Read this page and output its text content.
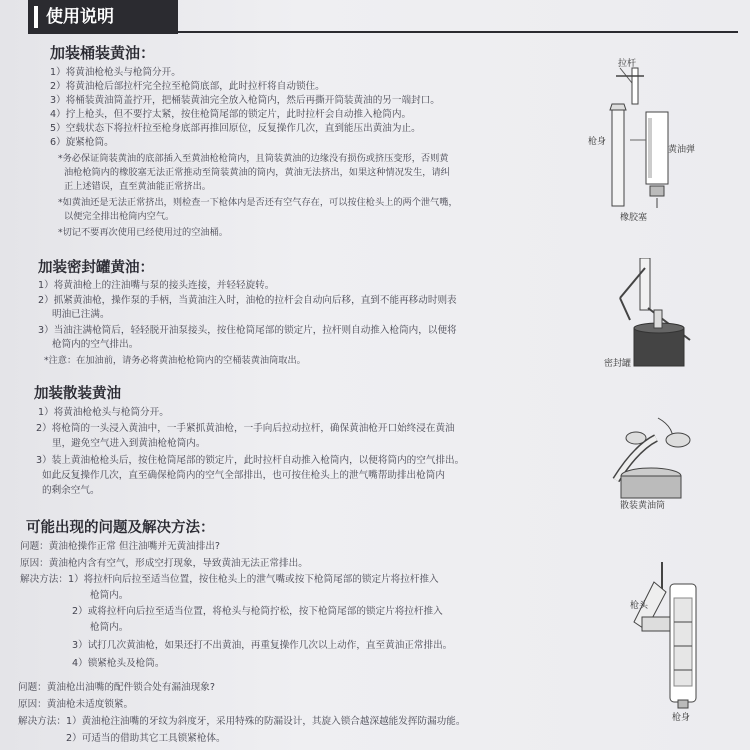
使用说明
加装桶装黄油：
1）将黄油枪枪头与枪筒分开。
2）将黄油枪后部拉杆完全拉至枪筒底部，此时拉杆将自动锁住。
3）将桶装黄油筒盖拧开，把桶装黄油完全放入枪筒内，然后再撕开筒装黄油的另一端封口。
4）拧上枪头，但不要拧太紧，按住枪筒尾部的锁定片，此时拉杆会自动推入枪筒内。
5）空载状态下将拉杆拉至枪身底部再推回原位，反复操作几次，直到能压出黄油为止。
6）旋紧枪筒。
*务必保证筒装黄油的底部插入至黄油枪枪筒内，且筒装黄油的边缘没有损伤或挤压变形，否则黄
油枪枪筒内的橡胶塞无法正常推动至筒装黄油的筒内，黄油无法挤出，如果这种情况发生，请纠
正上述错误，直至黄油能正常挤出。
*如黄油还是无法正常挤出，则检查一下枪体内是否还有空气存在，可以按住枪头上的两个泄气嘴，
以便完全排出枪筒内空气。
*切记不要再次使用已经使用过的空油桶。
拉杆
枪身
黄油弹
橡胶塞
加装密封罐黄油：
1）将黄油枪上的注油嘴与泵的接头连接，并轻轻旋转。
2）抓紧黄油枪，操作泵的手柄，当黄油注入时，油枪的拉杆会自动向后移，直到不能再移动时则表
明油已注满。
3）当油注满枪筒后，轻轻脱开油泵接头，按住枪筒尾部的锁定片，拉杆则自动推入枪筒内，以便将
枪筒内的空气排出。
*注意：在加油前，请务必将黄油枪枪筒内的空桶装黄油筒取出。	密封罐
加装散装黄油
1）将黄油枪枪头与枪筒分开。
2）将枪筒的一头浸入黄油中，一手紧抓黄油枪，一手向后拉动拉杆，确保黄油枪开口始终浸在黄油
里，避免空气进入到黄油枪枪筒内。
3）装上黄油枪枪头后，按住枪筒尾部的锁定片，此时拉杆自动推入枪筒内，以便将筒内的空气排出。
如此反复操作几次，直至确保枪筒内的空气全部排出，也可按住枪头上的泄气嘴帮助排出枪筒内
的剩余空气。
散装黄油筒
可能出现的问题及解决方法：
问题：黄油枪操作正常 但注油嘴并无黄油排出?
原因：黄油枪内含有空气，形成空打现象，导致黄油无法正常排出。
解决方法：1）将拉杆向后拉至适当位置，按住枪头上的泄气嘴或按下枪筒尾部的锁定片将拉杆推入
枪筒内。
2）或将拉杆向后拉至适当位置，将枪头与枪筒拧松，按下枪筒尾部的锁定片将拉杆推入
枪筒内。
3）试打几次黄油枪，如果还打不出黄油，再重复操作几次以上动作，直至黄油正常排出。
4）锁紧枪头及枪筒。
问题：黄油枪出油嘴的配件锁合处有漏油现象?
原因：黄油枪未适度锁紧。
解决方法：1）黄油枪注油嘴的牙纹为斜度牙，采用特殊的防漏设计，其旋入锁合越深越能发挥防漏功能。
2）可适当的借助其它工具锁紧枪体。
枪头
枪身
